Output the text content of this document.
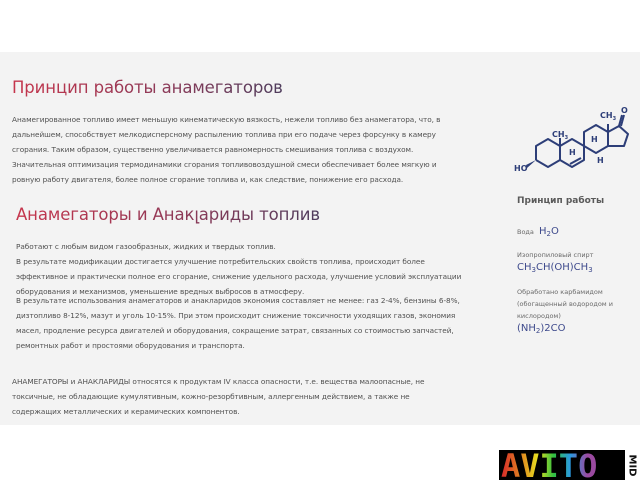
Принцип работы анамегаторов

Анамегированное топливо имеет меньшую кинематическую вязкость, нежели топливо без анамегатора, что, в

дальнейшем, способствует мелкодисперсному распылению топлива при его подаче через форсунку в камеру

сгорания. Таким образом, существенно увеличивается равномерность смешивания топлива с воздухом.

Значительная оптимизация термодинамики сгорания топливовоздушной смеси обеспечивает более мягкую и

ровную работу двигателя, более полное сгорание топлива и, как следствие, понижение его расхода.

Анамегаторы и Анакլариды топлив

Работают с любым видом газообразных, жидких и твердых топлив.

В результате модификации достигается улучшение потребительских свойств топлива, происходит более

эффективное и практически полное его сгорание, снижение удельного расхода, улучшение условий эксплуатации

оборудования и механизмов, уменьшение вредных выбросов в атмосферу.

В результате использования анамегаторов и анакларидов экономия составляет не менее: газ 2-4%, бензины 6-8%,

дизтопливо 8-12%, мазут и уголь 10-15%. При этом происходит снижение токсичности уходящих газов, экономия

масел, продление ресурса двигателей и оборудования, сокращение затрат, связанных со стоимостью запчастей,

ремонтных работ и простоями оборудования и транспорта.

АНАМЕГАТОРЫ и АНАКЛАРИДЫ относятся к продуктам IV класса опасности, т.е. вещества малоопасные, не

токсичные, не обладающие кумулятивным, кожно-резорбтивным, аллергенным действием, а также не

содержащих металлических и керамических компонентов.

HO
$CH_3$
$CH_3$
O
H
H
H
Принцип работы
Вода $H_2O$
Изопропиловый спирт
$CH_3CH(OH)CH_3$
Обработано карбамидом
(обогащенный водородом и
кислородом)
$(NH_2)2CO$
AVITO	MID
